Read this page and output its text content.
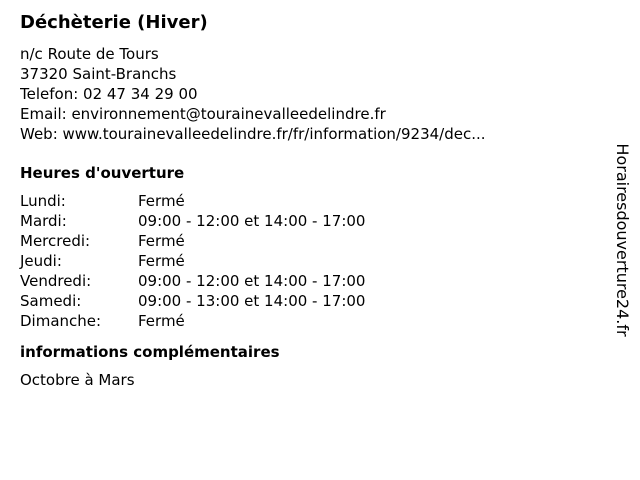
Déchèterie (Hiver)
n/c Route de Tours
37320 Saint-Branchs
Telefon: 02 47 34 29 00
Email: environnement@tourainevalleedelindre.fr
Web: www.tourainevalleedelindre.fr/fr/information/9234/dec...
Heures d'ouverture
Lundi:	Fermé
Mardi:	09:00 - 12:00 et 14:00 - 17:00
Mercredi:	Fermé
Jeudi:	Fermé
Vendredi:	09:00 - 12:00 et 14:00 - 17:00
Samedi:	09:00 - 13:00 et 14:00 - 17:00
Dimanche: Fermé
informations complémentaires
Octobre à Mars
Horairesdouverture24.fr
